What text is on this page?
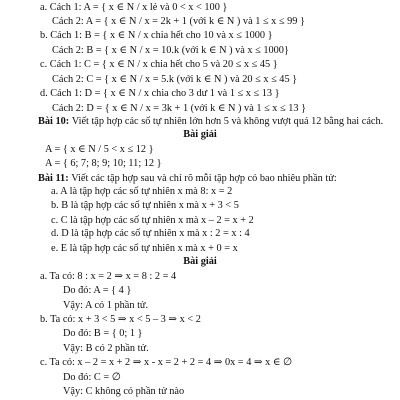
a. Cách 1: A = { x ∈ N / x lẻ và 0 < x < 100 }
Cách 2: A = { x ∈ N / x = 2k + 1 (với k ∈ N ) và 1 ≤ x ≤ 99 }
b. Cách 1: B = { x ∈ N / x chia hết cho 10 và x ≤ 1000 }
Cách 2: B = { x ∈ N / x = 10.k (với k ∈ N ) và x ≤ 1000}
c. Cách 1: C = { x ∈ N / x chia hết cho 5 và 20 ≤ x ≤ 45 }
Cách 2: C = { x ∈ N / x = 5.k (với k ∈ N ) và 20 ≤ x ≤ 45 }
d. Cách 1: D = { x ∈ N / x chia cho 3 dư 1 và 1 ≤ x ≤ 13 }
Cách 2: D = { x ∈ N / x = 3k + 1 (với k ∈ N ) và 1 ≤ x ≤ 13 }
Bài 10: Viết tập hợp các số tự nhiên lớn hơn 5 và không vượt quá 12 bằng hai cách.
Bài giải
A = { x ∈ N / 5 < x ≤ 12 }
A = { 6; 7; 8; 9; 10; 11; 12 }
Bài 11: Viết các tập hợp sau và chỉ rõ mỗi tập hợp có bao nhiêu phần tử:
a. A là tập hợp các số tự nhiên x mà 8: x = 2
b. B là tập hợp các số tự nhiên x mà x + 3 < 5
c. C là tập hợp các số tự nhiên x mà x – 2 = x + 2
d. D là tập hợp các số tự nhiên x mà x : 2 = x : 4
e. E là tập hợp các số tự nhiên x mà x + 0 = x
Bài giải
a. Ta có: 8 : x = 2 ⇒ x = 8 : 2 = 4
Do đó: A = { 4 }
Vậy: A có 1 phần tử.
b. Ta có: x + 3 < 5 ⇒ x < 5 – 3 ⇒ x < 2
Do đó: B = { 0; 1 }
Vậy: B có 2 phần tử.
c. Ta có: x – 2 = x + 2 ⇒ x - x = 2 + 2 = 4 ⇒ 0x = 4 ⇒ x ∈ ∅
Do đó: C = ∅
Vậy: C không có phần tử nào
